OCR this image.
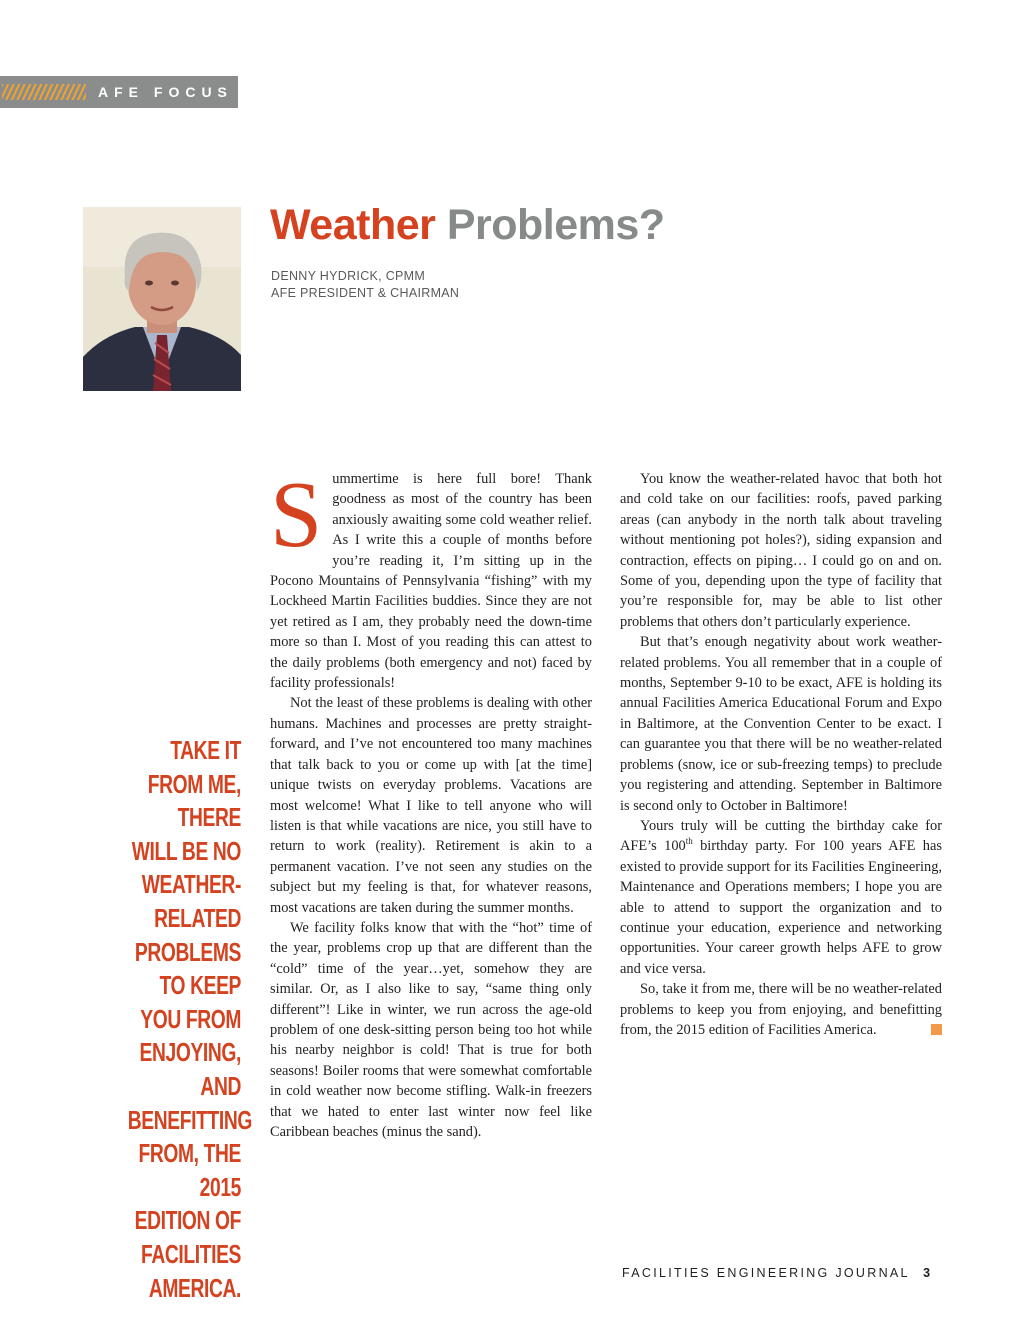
AFE FOCUS
Weather Problems?
DENNY HYDRICK, CPMM
AFE PRESIDENT & CHAIRMAN
TAKE IT FROM ME, THERE WILL BE NO WEATHER-RELATED PROBLEMS TO KEEP YOU FROM ENJOYING, AND BENEFITTING FROM, THE 2015 EDITION OF FACILITIES AMERICA.

Summertime is here full bore! Thank goodness as most of the country has been anxiously awaiting some cold weather relief. As I write this a couple of months before you’re reading it, I’m sitting up in the Pocono Mountains of Pennsylvania “fishing” with my Lockheed Martin Facilities buddies. Since they are not yet retired as I am, they probably need the down-time more so than I. Most of you reading this can attest to the daily problems (both emergency and not) faced by facility professionals!

Not the least of these problems is dealing with other humans. Machines and processes are pretty straight-forward, and I’ve not encountered too many machines that talk back to you or come up with [at the time] unique twists on everyday problems. Vacations are most welcome! What I like to tell anyone who will listen is that while vacations are nice, you still have to return to work (reality). Retirement is akin to a permanent vacation. I’ve not seen any studies on the subject but my feeling is that, for whatever reasons, most vacations are taken during the summer months.

We facility folks know that with the “hot” time of the year, problems crop up that are different than the “cold” time of the year…yet, somehow they are similar. Or, as I also like to say, “same thing only different”! Like in winter, we run across the age-old problem of one desk-sitting person being too hot while his nearby neighbor is cold! That is true for both seasons! Boiler rooms that were somewhat comfortable in cold weather now become stifling. Walk-in freezers that we hated to enter last winter now feel like Caribbean beaches (minus the sand).

You know the weather-related havoc that both hot and cold take on our facilities: roofs, paved parking areas (can anybody in the north talk about traveling without mentioning pot holes?), siding expansion and contraction, effects on piping… I could go on and on. Some of you, depending upon the type of facility that you’re responsible for, may be able to list other problems that others don’t particularly experience.

But that’s enough negativity about work weather-related problems. You all remember that in a couple of months, September 9-10 to be exact, AFE is holding its annual Facilities America Educational Forum and Expo in Baltimore, at the Convention Center to be exact. I can guarantee you that there will be no weather-related problems (snow, ice or sub-freezing temps) to preclude you registering and attending. September in Baltimore is second only to October in Baltimore!

Yours truly will be cutting the birthday cake for AFE’s 100th birthday party. For 100 years AFE has existed to provide support for its Facilities Engineering, Maintenance and Operations members; I hope you are able to attend to support the organization and to continue your education, experience and networking opportunities. Your career growth helps AFE to grow and vice versa.

So, take it from me, there will be no weather-related problems to keep you from enjoying, and benefitting from, the 2015 edition of Facilities America.

FACILITIES ENGINEERING JOURNAL 3
